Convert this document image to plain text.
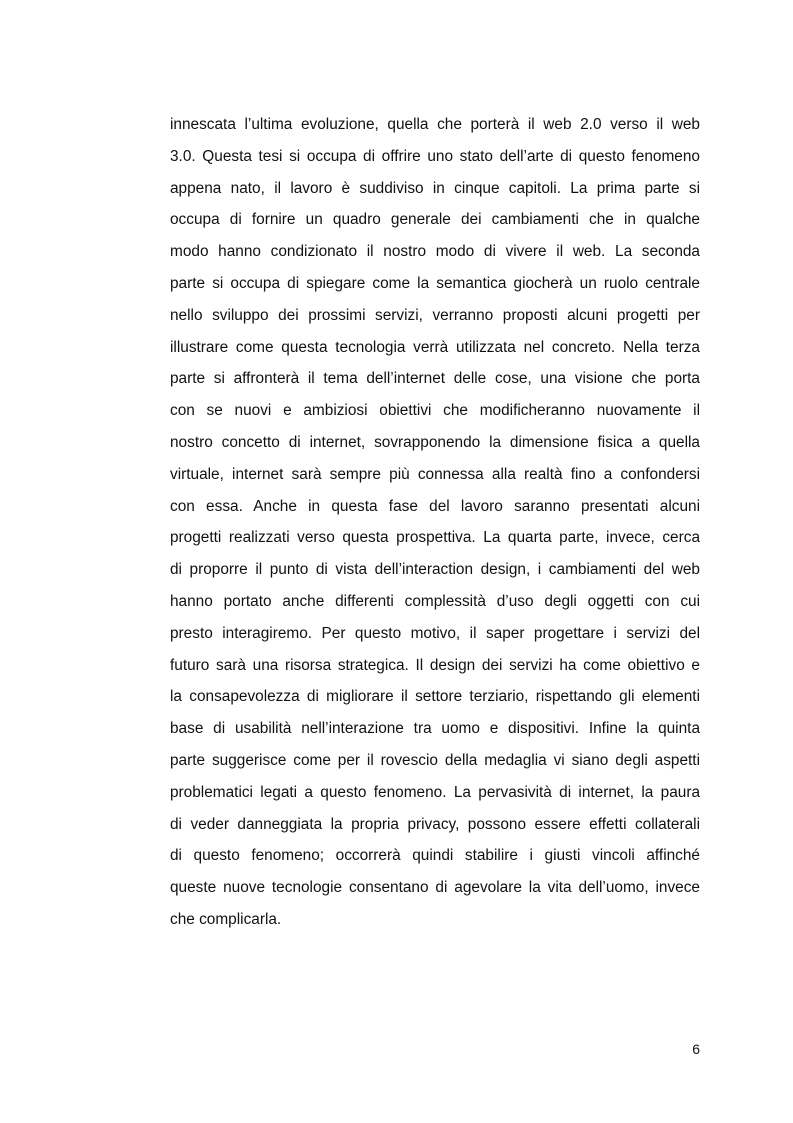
innescata l’ultima evoluzione, quella che porterà il web 2.0 verso il web
3.0. Questa tesi si occupa di offrire uno stato dell’arte di questo fenomeno
appena nato, il lavoro è suddiviso in cinque capitoli. La prima parte si
occupa di fornire un quadro generale dei cambiamenti che in qualche
modo hanno condizionato il nostro modo di vivere il web. La seconda
parte si occupa di spiegare come la semantica giocherà un ruolo centrale
nello sviluppo dei prossimi servizi, verranno proposti alcuni progetti per
illustrare come questa tecnologia verrà utilizzata nel concreto. Nella terza
parte si affronterà il tema dell’internet delle cose, una visione che porta
con se nuovi e ambiziosi obiettivi che modificheranno nuovamente il
nostro concetto di internet, sovrapponendo la dimensione fisica a quella
virtuale, internet sarà sempre più connessa alla realtà fino a confondersi
con essa. Anche in questa fase del lavoro saranno presentati alcuni
progetti realizzati verso questa prospettiva. La quarta parte, invece, cerca
di proporre il punto di vista dell’interaction design, i cambiamenti del web
hanno portato anche differenti complessità d’uso degli oggetti con cui
presto interagiremo. Per questo motivo, il saper progettare i servizi del
futuro sarà una risorsa strategica. Il design dei servizi ha come obiettivo e
la consapevolezza di migliorare il settore terziario, rispettando gli elementi
base di usabilità nell’interazione tra uomo e dispositivi. Infine la quinta
parte suggerisce come per il rovescio della medaglia vi siano degli aspetti
problematici legati a questo fenomeno. La pervasività di internet, la paura
di veder danneggiata la propria privacy, possono essere effetti collaterali
di questo fenomeno; occorrerà quindi stabilire i giusti vincoli affinché
queste nuove tecnologie consentano di agevolare la vita dell’uomo, invece
che complicarla.
6
